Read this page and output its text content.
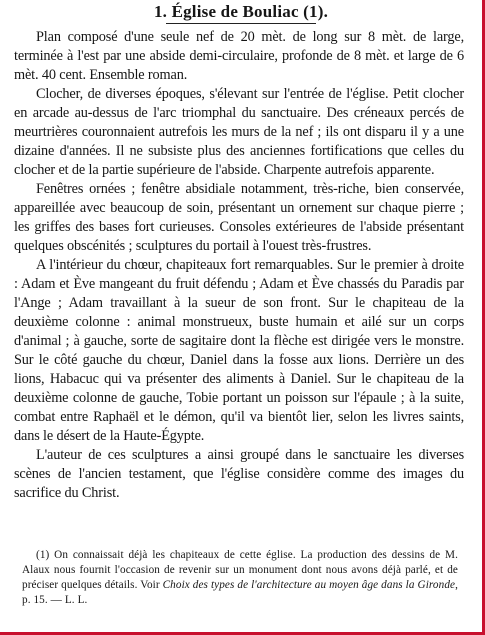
1. Église de Bouliac (1).

Plan composé d'une seule nef de 20 mèt. de long sur 8 mèt. de large, terminée à l'est par une abside demi-circulaire, profonde de 8 mèt. et large de 6 mèt. 40 cent. Ensemble roman.

Clocher, de diverses époques, s'élevant sur l'entrée de l'église. Petit clocher en arcade au-dessus de l'arc triomphal du sanctuaire. Des créneaux percés de meurtrières couronnaient autrefois les murs de la nef ; ils ont disparu il y a une dizaine d'années. Il ne subsiste plus des anciennes fortifications que celles du clocher et de la partie supérieure de l'abside. Charpente autrefois apparente.

Fenêtres ornées ; fenêtre absidiale notamment, très-riche, bien conservée, appareillée avec beaucoup de soin, présentant un ornement sur chaque pierre ; les griffes des bases fort curieuses. Consoles extérieures de l'abside présentant quelques obscénités ; sculptures du portail à l'ouest très-frustres.

A l'intérieur du chœur, chapiteaux fort remarquables. Sur le premier à droite : Adam et Ève mangeant du fruit défendu ; Adam et Ève chassés du Paradis par l'Ange ; Adam travaillant à la sueur de son front. Sur le chapiteau de la deuxième colonne : animal monstrueux, buste humain et ailé sur un corps d'animal ; à gauche, sorte de sagitaire dont la flèche est dirigée vers le monstre. Sur le côté gauche du chœur, Daniel dans la fosse aux lions. Derrière un des lions, Habacuc qui va présenter des aliments à Daniel. Sur le chapiteau de la deuxième colonne de gauche, Tobie portant un poisson sur l'épaule ; à la suite, combat entre Raphaël et le démon, qu'il va bientôt lier, selon les livres saints, dans le désert de la Haute-Égypte.

L'auteur de ces sculptures a ainsi groupé dans le sanctuaire les diverses scènes de l'ancien testament, que l'église considère comme des images du sacrifice du Christ.

(1) On connaissait déjà les chapiteaux de cette église. La production des dessins de M. Alaux nous fournit l'occasion de revenir sur un monument dont nous avons déjà parlé, et de préciser quelques détails. Voir Choix des types de l'architecture au moyen âge dans la Gironde, p. 15. — L. L.
